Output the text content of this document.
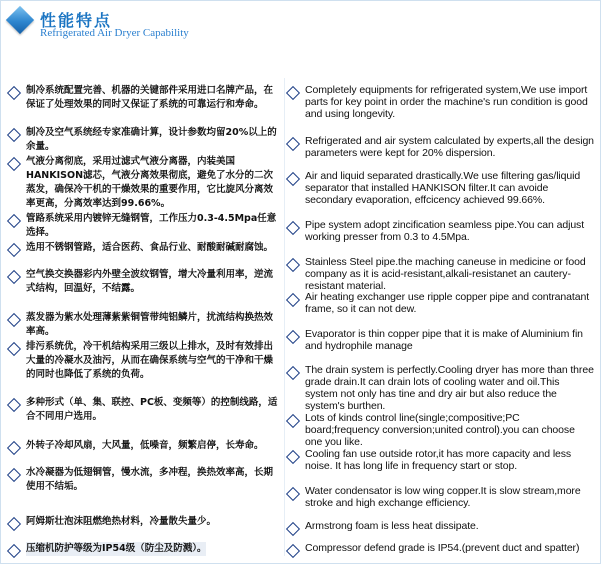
性能特点
Refrigerated Air Dryer Capability
制冷系统配置完善、机器的关键部件采用进口名牌产品，在保证了处理效果的同时又保证了系统的可靠运行和寿命。
制冷及空气系统经专家准确计算，设计参数均留20%以上的余量。
气液分离彻底，采用过滤式气液分离器，内装美国HANKISON滤芯，气液分离效果彻底，避免了水分的二次蒸发，确保冷干机的干燥效果的重要作用，它比旋风分离效率更高，分离效率达到99.66%。
管路系统采用内镀锌无缝钢管，工作压力0.3-4.5Mpa任意选择。
选用不锈钢管路，适合医药、食品行业、耐酸耐碱耐腐蚀。
空气换交换器彩内外壁全波纹钢管，增大冷量利用率，逆流式结构，回温好，不结露。
蒸发器为紫水处理薄紫紫铜管带纯铝鳞片，扰流结构换热效率高。
排污系统优，冷干机结构采用三级以上排水，及时有效排出大量的冷凝水及油污，从而在确保系统与空气的干净和干燥的同时也降低了系统的负荷。
多种形式（单、集、联控、PC板、变频等）的控制线路，适合不同用户选用。
外转子冷却风扇，大风量，低噪音，频繁启停，长寿命。
水冷凝器为低翅铜管，慢水流，多冲程，换热效率高，长期使用不结垢。
阿姆斯壮泡沫阻燃绝热材料，冷量散失量少。
压缩机防护等级为IP54级（防尘及防溅）。
Completely equipments for refrigerated system,We use import parts for key point in order the machine's run condition is good and using longevity.
Refrigerated and air system calculated by experts,all the design parameters were kept for 20% dispersion.
Air and liquid separated drastically.We use filtering gas/liquid separator that installed HANKISON filter.It can avoide secondary evaporation, effcicency achieved 99.66%.
Pipe system adopt zincification seamless pipe.You can adjust working presser from 0.3 to 4.5Mpa.
Stainless Steel pipe.the maching caneuse in medicine or food company as it is acid-resistant,alkali-resistanet an cautery-resistant material.
Air heating exchanger use ripple copper pipe and contranatant frame, so it can not dew.
Evaporator is thin copper pipe that it is make of Aluminium fin and hydrophile manage
The drain system is perfectly.Cooling dryer has more than three grade drain.It can drain lots of cooling water and oil.This system not only has tine and dry air but also reduce the system's burthen.
Lots of kinds control line(single;compositive;PC board;frequency conversion;united control).you can choose one you like.
Cooling fan use outside rotor,it has more capacity and less noise. It has long life in frequency start or stop.
Water condensator is low wing copper.It is slow stream,more stroke and high exchange efficiency.
Armstrong foam is less heat dissipate.
Compressor defend grade is IP54.(prevent duct and spatter)
